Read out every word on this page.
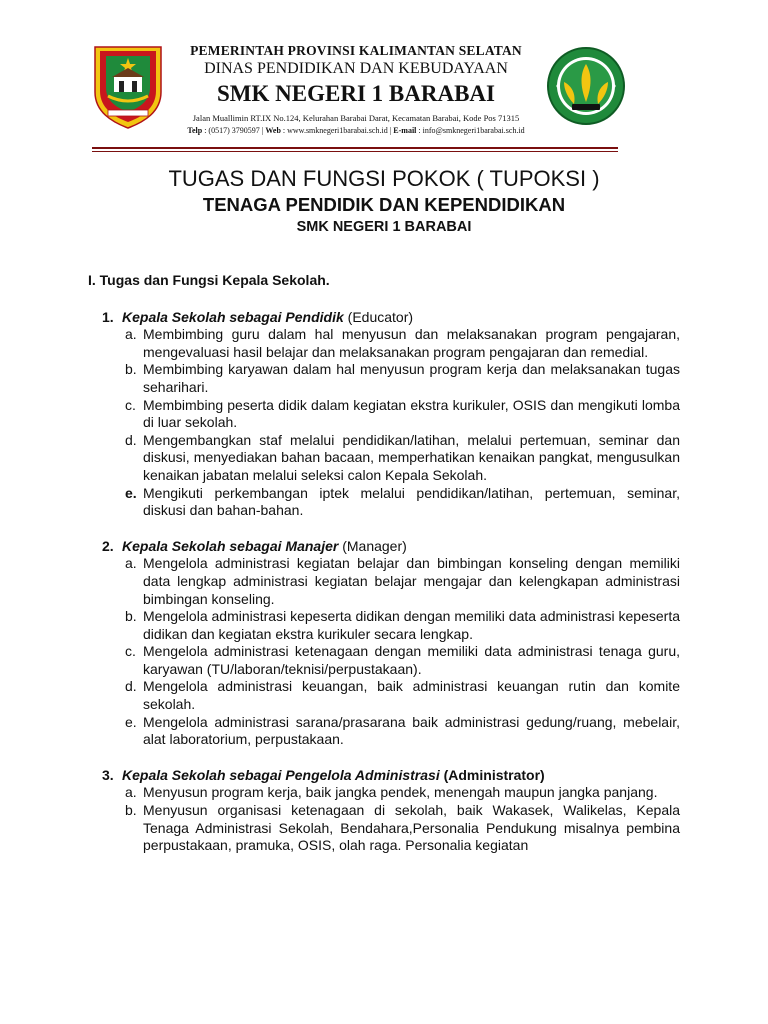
PEMERINTAH PROVINSI KALIMANTAN SELATAN
DINAS PENDIDIKAN DAN KEBUDAYAAN
SMK NEGERI 1 BARABAI
Jalan Muallimin RT.IX No.124, Kelurahan Barabai Darat, Kecamatan Barabai, Kode Pos 71315
Telp : (0517) 3790597 | Web : www.smknegeri1barabai.sch.id | E-mail : info@smknegeri1barabai.sch.id
TUGAS DAN FUNGSI POKOK ( TUPOKSI )
TENAGA PENDIDIK DAN KEPENDIDIKAN
SMK NEGERI 1 BARABAI
I. Tugas dan Fungsi Kepala Sekolah.
1. Kepala Sekolah sebagai Pendidik (Educator)
a. Membimbing guru dalam hal menyusun dan melaksanakan program pengajaran, mengevaluasi hasil belajar dan melaksanakan program pengajaran dan remedial.
b. Membimbing karyawan dalam hal menyusun program kerja dan melaksanakan tugas seharihari.
c. Membimbing peserta didik dalam kegiatan ekstra kurikuler, OSIS dan mengikuti lomba di luar sekolah.
d. Mengembangkan staf melalui pendidikan/latihan, melalui pertemuan, seminar dan diskusi, menyediakan bahan bacaan, memperhatikan kenaikan pangkat, mengusulkan kenaikan jabatan melalui seleksi calon Kepala Sekolah.
e. Mengikuti perkembangan iptek melalui pendidikan/latihan, pertemuan, seminar, diskusi dan bahan-bahan.
2. Kepala Sekolah sebagai Manajer (Manager)
a. Mengelola administrasi kegiatan belajar dan bimbingan konseling dengan memiliki data lengkap administrasi kegiatan belajar mengajar dan kelengkapan administrasi bimbingan konseling.
b. Mengelola administrasi kepeserta didikan dengan memiliki data administrasi kepeserta didikan dan kegiatan ekstra kurikuler secara lengkap.
c. Mengelola administrasi ketenagaan dengan memiliki data administrasi tenaga guru, karyawan (TU/laboran/teknisi/perpustakaan).
d. Mengelola administrasi keuangan, baik administrasi keuangan rutin dan komite sekolah.
e. Mengelola administrasi sarana/prasarana baik administrasi gedung/ruang, mebelair, alat laboratorium, perpustakaan.
3. Kepala Sekolah sebagai Pengelola Administrasi (Administrator)
a. Menyusun program kerja, baik jangka pendek, menengah maupun jangka panjang.
b. Menyusun organisasi ketenagaan di sekolah, baik Wakasek, Walikelas, Kepala Tenaga Administrasi Sekolah, Bendahara,Personalia Pendukung misalnya pembina perpustakaan, pramuka, OSIS, olah raga. Personalia kegiatan
